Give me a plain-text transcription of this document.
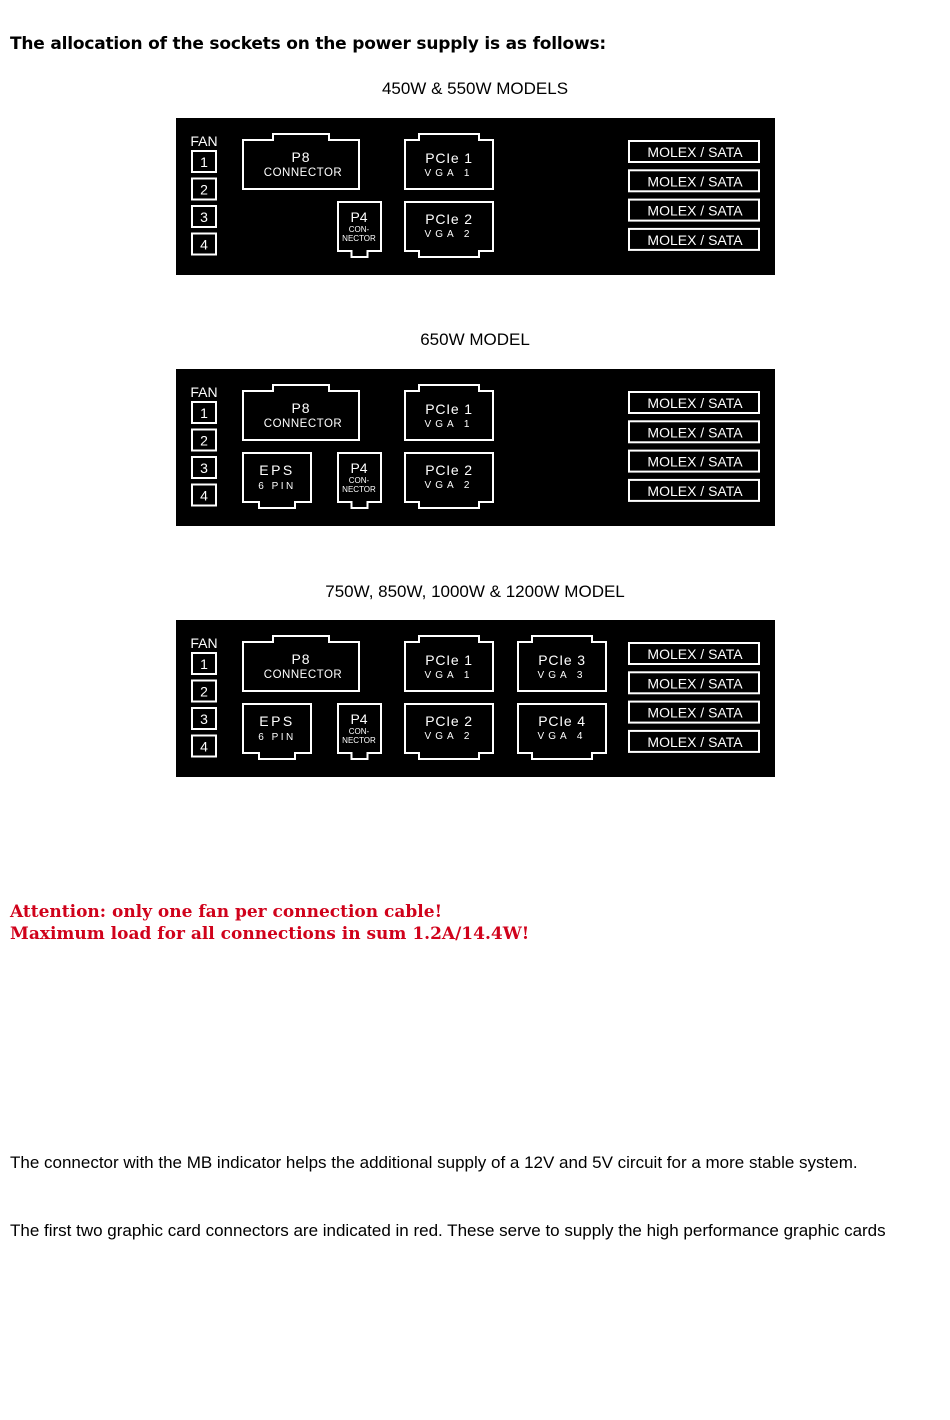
The allocation of the sockets on the power supply is as follows:
450W & 550W MODELS
FAN
1
2
3
4
P8
CONNECTOR
P4
CON-
NECTOR
PCIe 1
VGA 1
PCIe 2
VGA 2
MOLEX / SATA
MOLEX / SATA
MOLEX / SATA
MOLEX / SATA
650W MODEL
FAN
1
2
3
4
P8
CONNECTOR
P4
CON-
NECTOR
EPS
6 PIN
PCIe 1
VGA 1
PCIe 2
VGA 2
MOLEX / SATA
MOLEX / SATA
MOLEX / SATA
MOLEX / SATA
750W, 850W, 1000W & 1200W MODEL
FAN
1
2
3
4
P8
CONNECTOR
P4
CON-
NECTOR
EPS
6 PIN
PCIe 1
VGA 1
PCIe 2
VGA 2
PCIe 3
VGA 3
PCIe 4
VGA 4
MOLEX / SATA
MOLEX / SATA
MOLEX / SATA
MOLEX / SATA
Attention: only one fan per connection cable!
Maximum load for all connections in sum 1.2A/14.4W!
The connector with the MB indicator helps the additional supply of a 12V and 5V circuit for a more stable system.
The first two graphic card connectors are indicated in red. These serve to supply the high performance graphic cards
